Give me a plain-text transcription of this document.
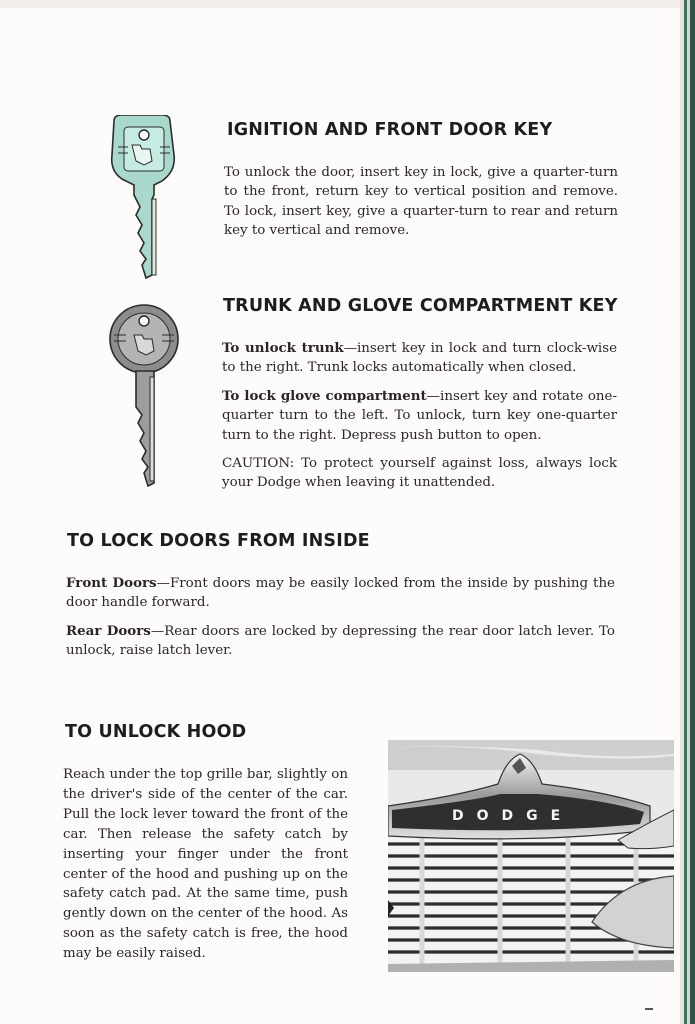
IGNITION AND FRONT DOOR KEY

To unlock the door, insert key in lock, give a quarter-turn to the front, return key to vertical position and remove. To lock, insert key, give a quarter-turn to rear and return key to vertical and remove.

TRUNK AND GLOVE COMPARTMENT KEY

To unlock trunk—insert key in lock and turn clock-wise to the right. Trunk locks automatically when closed.

To lock glove compartment—insert key and rotate one-quarter turn to the left. To unlock, turn key one-quarter turn to the right. Depress push button to open.

CAUTION: To protect yourself against loss, always lock your Dodge when leaving it unattended.

TO LOCK DOORS FROM INSIDE

Front Doors—Front doors may be easily locked from the inside by pushing the door handle forward.

Rear Doors—Rear doors are locked by depressing the rear door latch lever. To unlock, raise latch lever.

TO UNLOCK HOOD

Reach under the top grille bar, slightly on the driver's side of the center of the car. Pull the lock lever toward the front of the car. Then release the safety catch by inserting your finger under the front center of the hood and pushing up on the safety catch pad. At the same time, push gently down on the center of the hood. As soon as the safety catch is free, the hood may be easily raised.

DODGE
